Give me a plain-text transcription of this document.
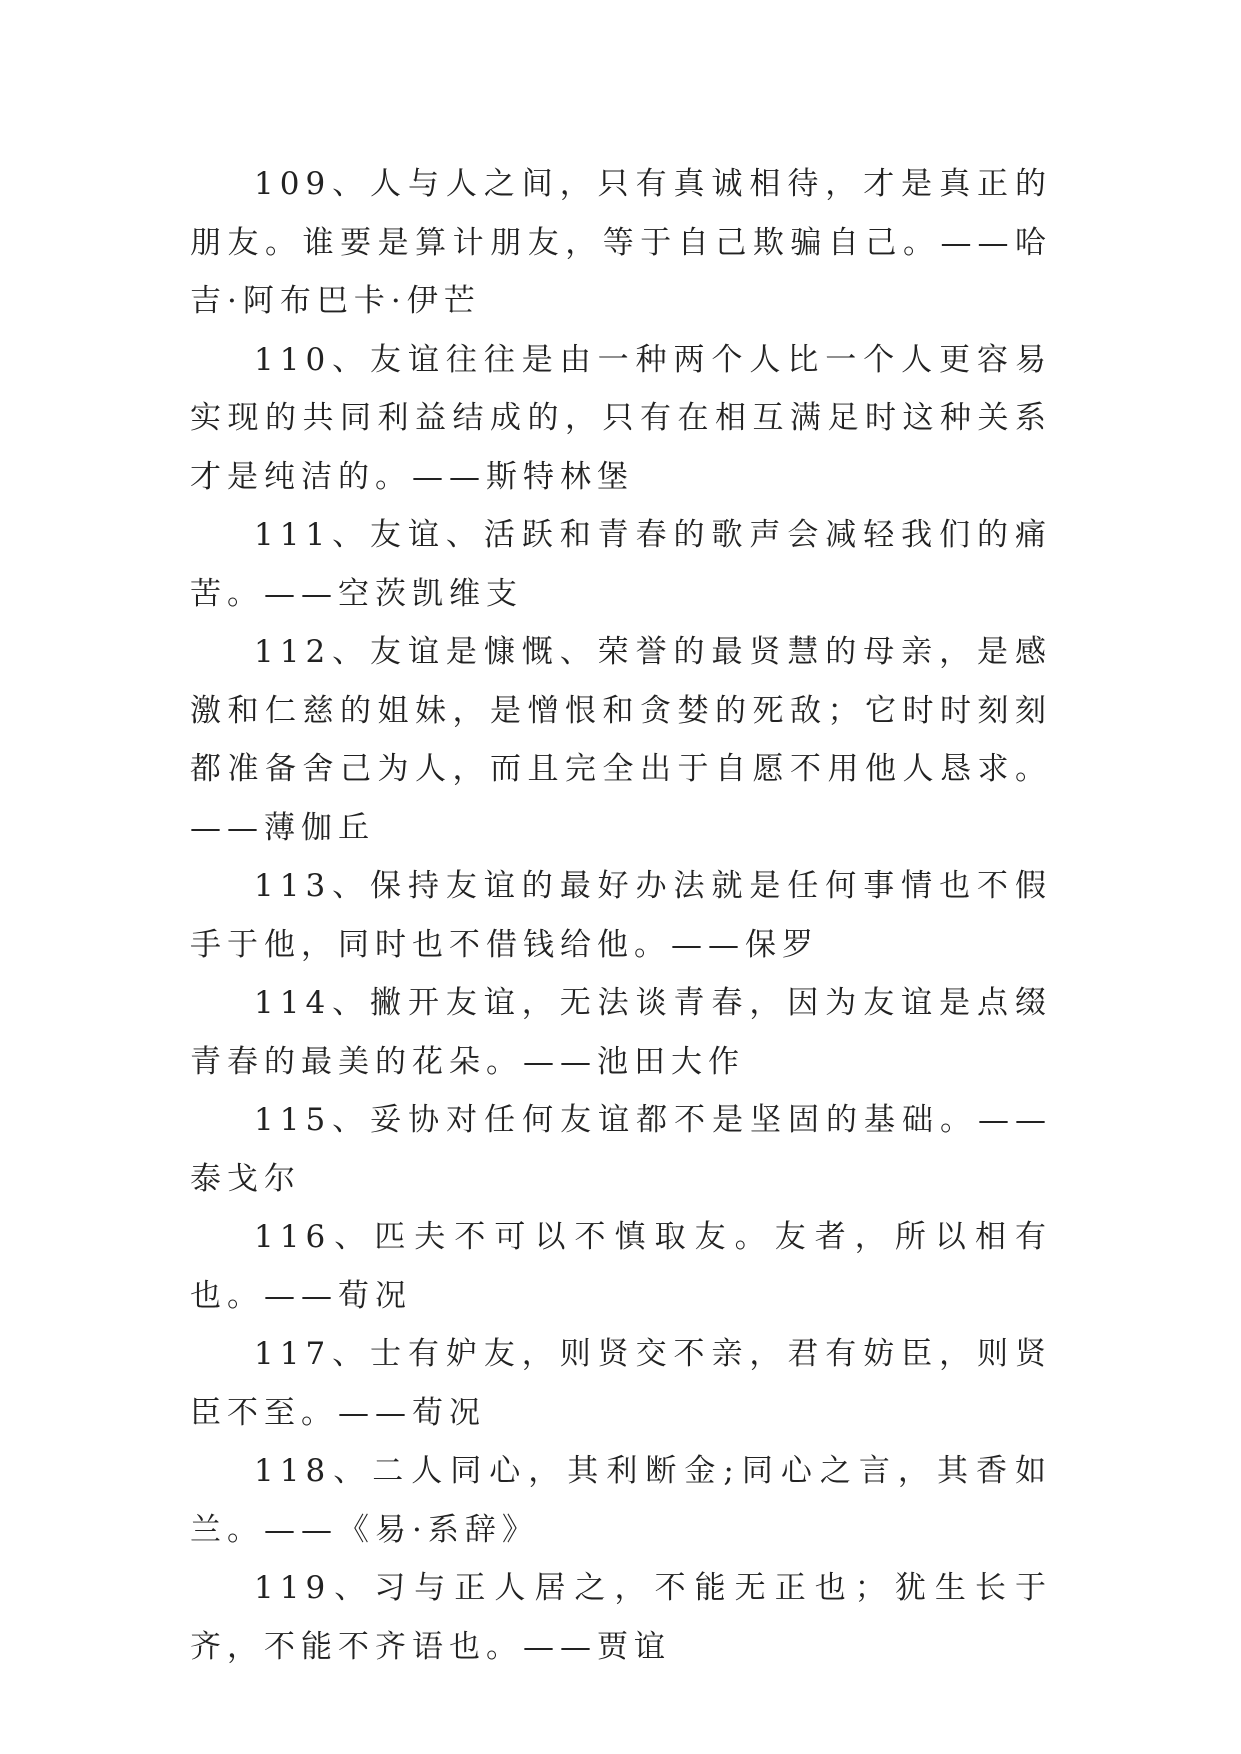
109、人与人之间，只有真诚相待，才是真正的朋友。谁要是算计朋友，等于自己欺骗自己。——哈吉·阿布巴卡·伊芒

110、友谊往往是由一种两个人比一个人更容易实现的共同利益结成的，只有在相互满足时这种关系才是纯洁的。——斯特林堡

111、友谊、活跃和青春的歌声会减轻我们的痛苦。——空茨凯维支

112、友谊是慷慨、荣誉的最贤慧的母亲，是感激和仁慈的姐妹，是憎恨和贪婪的死敌；它时时刻刻都准备舍己为人，而且完全出于自愿不用他人恳求。——薄伽丘

113、保持友谊的最好办法就是任何事情也不假手于他，同时也不借钱给他。——保罗

114、撇开友谊，无法谈青春，因为友谊是点缀青春的最美的花朵。——池田大作

115、妥协对任何友谊都不是坚固的基础。——泰戈尔

116、匹夫不可以不慎取友。友者，所以相有也。——荀况

117、士有妒友，则贤交不亲，君有妨臣，则贤臣不至。——荀况

118、二人同心，其利断金;同心之言，其香如兰。——《易·系辞》

119、习与正人居之，不能无正也；犹生长于齐，不能不齐语也。——贾谊
